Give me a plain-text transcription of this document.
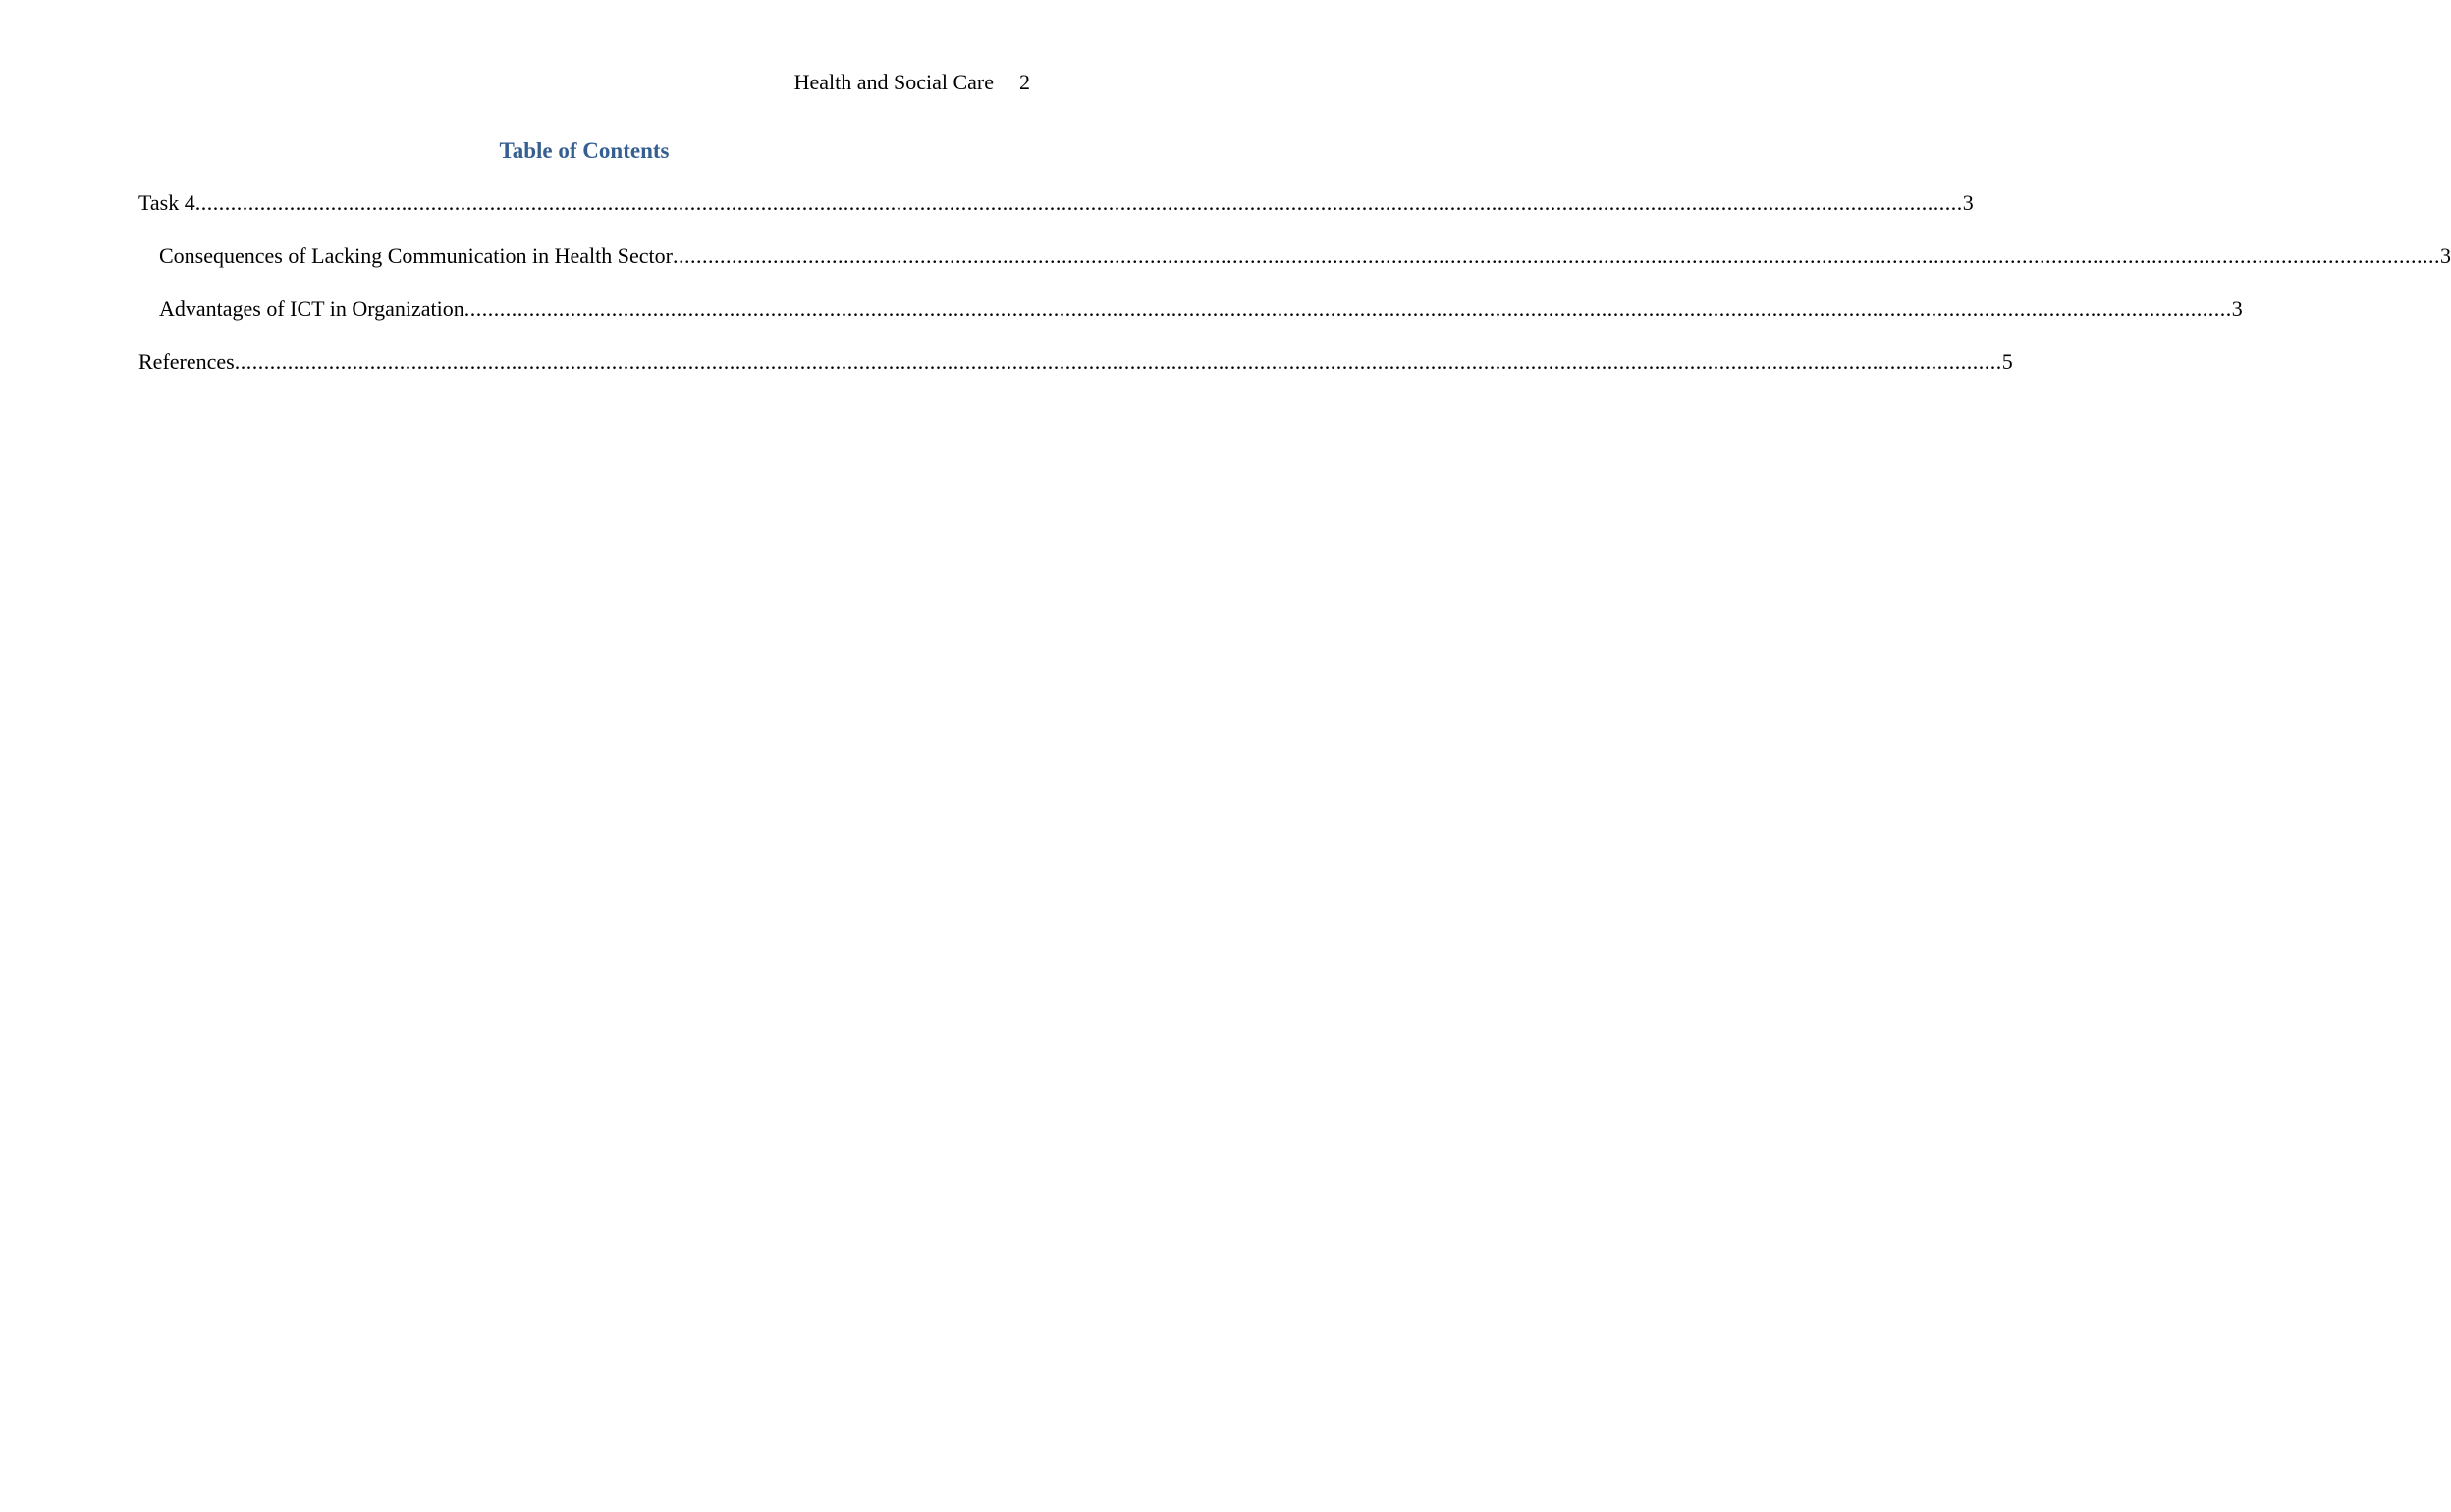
Health and Social Care 2
Table of Contents
Task 4 ............................................................................................................................................................................................................................................................................................................ 3
Consequences of Lacking Communication in Health Sector ............................................................................................................................................................................................................................................................................................................ 3
Advantages of ICT in Organization ............................................................................................................................................................................................................................................................................................................ 3
References ............................................................................................................................................................................................................................................................................................................ 5
